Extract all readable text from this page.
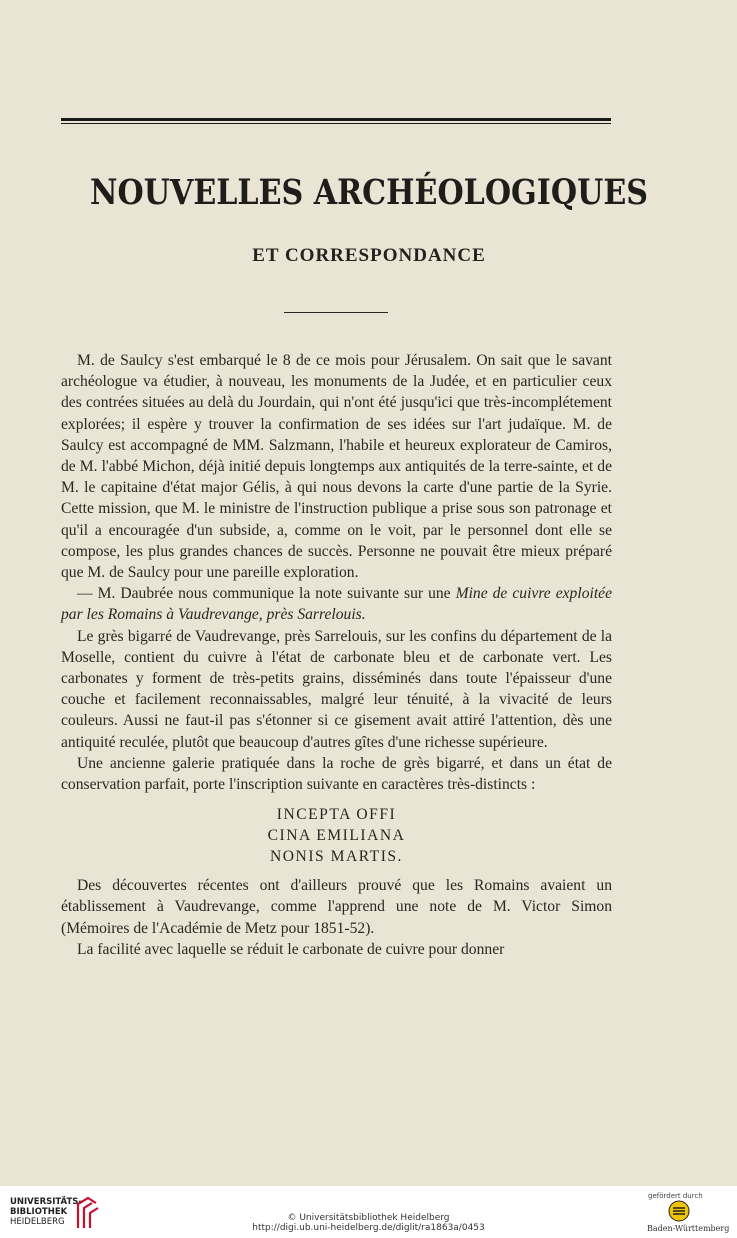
NOUVELLES ARCHÉOLOGIQUES
ET CORRESPONDANCE

M. de Saulcy s'est embarqué le 8 de ce mois pour Jérusalem. On sait que le savant archéologue va étudier, à nouveau, les monuments de la Judée, et en particulier ceux des contrées situées au delà du Jourdain, qui n'ont été jusqu'ici que très-incomplétement explorées; il espère y trouver la confirmation de ses idées sur l'art judaïque. M. de Saulcy est accompagné de MM. Salzmann, l'habile et heureux explorateur de Camiros, de M. l'abbé Michon, déjà initié depuis longtemps aux antiquités de la terre-sainte, et de M. le capitaine d'état major Gélis, à qui nous devons la carte d'une partie de la Syrie. Cette mission, que M. le ministre de l'instruction publique a prise sous son patronage et qu'il a encouragée d'un subside, a, comme on le voit, par le personnel dont elle se compose, les plus grandes chances de succès. Personne ne pouvait être mieux préparé que M. de Saulcy pour une pareille exploration.

— M. Daubrée nous communique la note suivante sur une Mine de cuivre exploitée par les Romains à Vaudrevange, près Sarrelouis.

Le grès bigarré de Vaudrevange, près Sarrelouis, sur les confins du département de la Moselle, contient du cuivre à l'état de carbonate bleu et de carbonate vert. Les carbonates y forment de très-petits grains, disséminés dans toute l'épaisseur d'une couche et facilement reconnaissables, malgré leur ténuité, à la vivacité de leurs couleurs. Aussi ne faut-il pas s'étonner si ce gisement avait attiré l'attention, dès une antiquité reculée, plutôt que beaucoup d'autres gîtes d'une richesse supérieure.

Une ancienne galerie pratiquée dans la roche de grès bigarré, et dans un état de conservation parfait, porte l'inscription suivante en caractères très-distincts :

INCEPTA OFFI
CINA EMILIANA
NONIS MARTIS.

Des découvertes récentes ont d'ailleurs prouvé que les Romains avaient un établissement à Vaudrevange, comme l'apprend une note de M. Victor Simon (Mémoires de l'Académie de Metz pour 1851-52).

La facilité avec laquelle se réduit le carbonate de cuivre pour donner

UNIVERSITÄTS-
BIBLIOTHEK
HEIDELBERG	© Universitätsbibliothek Heidelberg
http://digi.ub.uni-heidelberg.de/diglit/ra1863a/0453
gefördert durch
Baden-Württemberg
